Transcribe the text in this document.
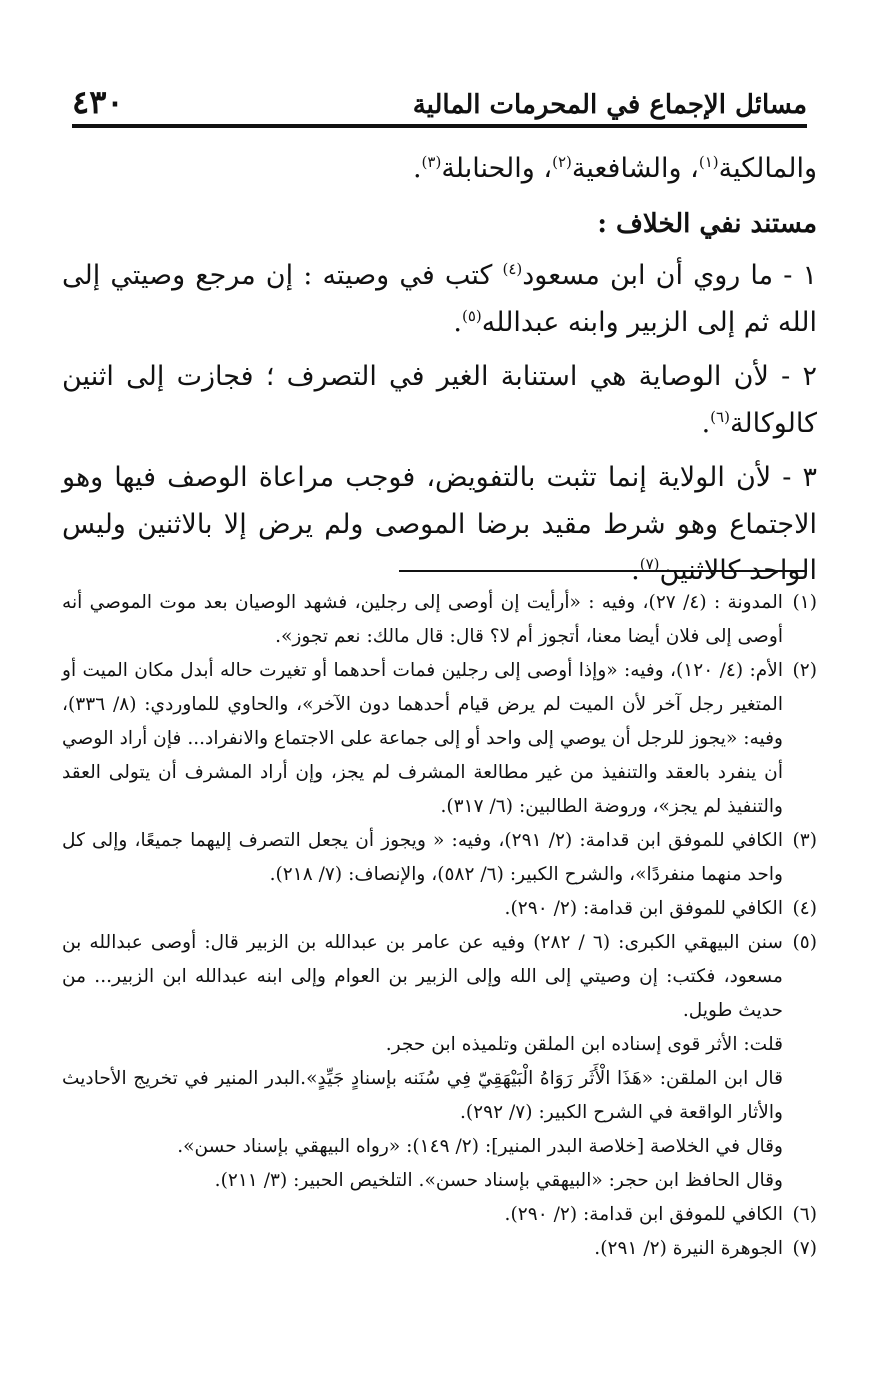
٤٣٠	مسائل الإجماع في المحرمات المالية

والمالكية$^{(١)}$، والشافعية$^{(٢)}$، والحنابلة$^{(٣)}$.

مستند نفي الخلاف :

١ - ما روي أن ابن مسعود$^{(٤)}$ كتب في وصيته : إن مرجع وصيتي إلى الله ثم إلى الزبير وابنه عبدالله$^{(٥)}$.

٢ - لأن الوصاية هي استنابة الغير في التصرف ؛ فجازت إلى اثنين كالوكالة$^{(٦)}$.

٣ - لأن الولاية إنما تثبت بالتفويض، فوجب مراعاة الوصف فيها وهو الاجتماع وهو شرط مقيد برضا الموصى ولم يرض إلا بالاثنين وليس الواحد كالاثنين$^{(٧)}$.

(١)

المدونة : (٤/ ٢٧)، وفيه : «أرأيت إن أوصى إلى رجلين، فشهد الوصيان بعد موت الموصي أنه أوصى إلى فلان أيضا معنا، أتجوز أم لا؟ قال: قال مالك: نعم تجوز».

(٢)

الأم: (٤/ ١٢٠)، وفيه: «وإذا أوصى إلى رجلين فمات أحدهما أو تغيرت حاله أبدل مكان الميت أو المتغير رجل آخر لأن الميت لم يرض قيام أحدهما دون الآخر»، والحاوي للماوردي: (٨/ ٣٣٦)، وفيه: «يجوز للرجل أن يوصي إلى واحد أو إلى جماعة على الاجتماع والانفراد... فإن أراد الوصي أن ينفرد بالعقد والتنفيذ من غير مطالعة المشرف لم يجز، وإن أراد المشرف أن يتولى العقد والتنفيذ لم يجز»، وروضة الطالبين: (٦/ ٣١٧).

(٣)

الكافي للموفق ابن قدامة: (٢/ ٢٩١)، وفيه: « ويجوز أن يجعل التصرف إليهما جميعًا، وإلى كل واحد منهما منفردًا»، والشرح الكبير: (٦/ ٥٨٢)، والإنصاف: (٧/ ٢١٨).

(٤)

الكافي للموفق ابن قدامة: (٢/ ٢٩٠).

(٥)

سنن البيهقي الكبرى: (٦ / ٢٨٢) وفيه عن عامر بن عبدالله بن الزبير قال: أوصى عبدالله بن مسعود، فكتب: إن وصيتي إلى الله وإلى الزبير بن العوام وإلى ابنه عبدالله ابن الزبير... من حديث طويل.

قلت: الأثر قوى إسناده ابن الملقن وتلميذه ابن حجر.

قال ابن الملقن: «هَذَا الْأَثَر رَوَاهُ الْبَيْهَقِيّ فِي سُنَنه بإسنادٍ جَيِّدٍ».البدر المنير في تخريج الأحاديث والأثار الواقعة في الشرح الكبير: (٧/ ٢٩٢).

وقال في الخلاصة [خلاصة البدر المنير]: (٢/ ١٤٩): «رواه البيهقي بإسناد حسن».

وقال الحافظ ابن حجر: «البيهقي بإسناد حسن». التلخيص الحبير: (٣/ ٢١١).

(٦)

الكافي للموفق ابن قدامة: (٢/ ٢٩٠).

(٧)

الجوهرة النيرة (٢/ ٢٩١).
